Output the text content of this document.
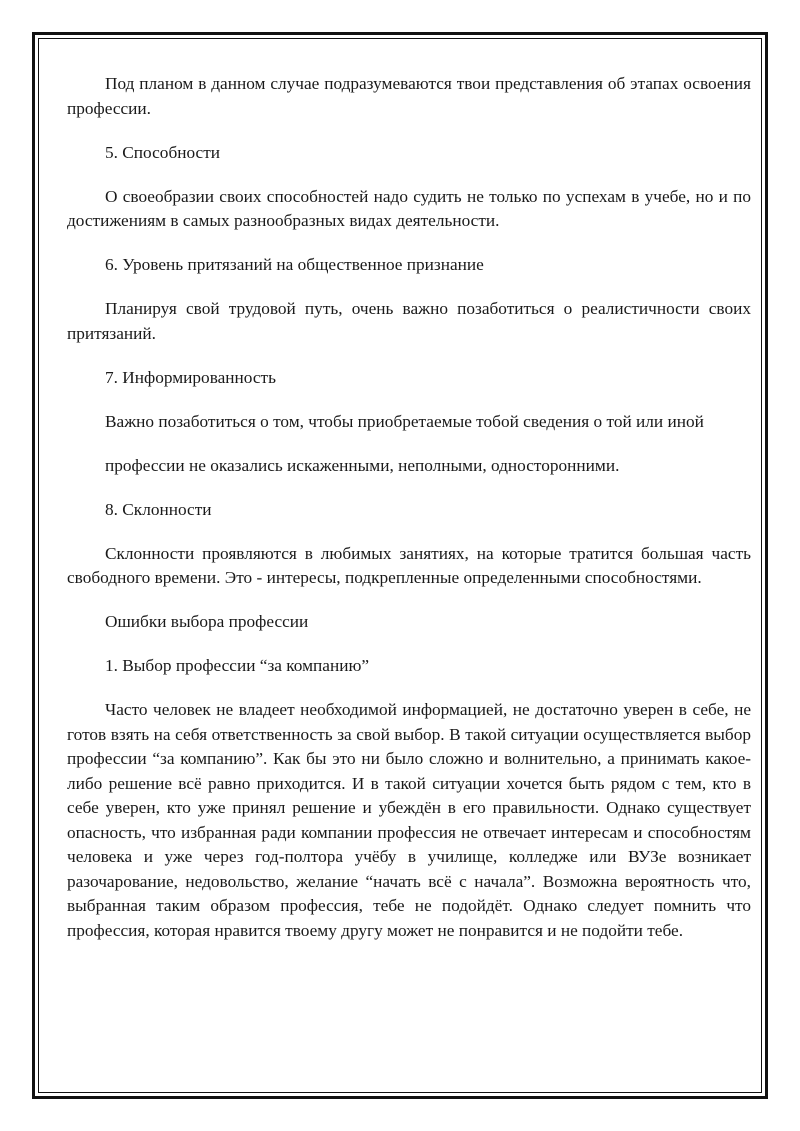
Под планом в данном случае подразумеваются твои представления об этапах освоения профессии.

5. Способности

О своеобразии своих способностей надо судить не только по успехам в учебе, но и по достижениям в самых разнообразных видах деятельности.

6. Уровень притязаний на общественное признание

Планируя свой трудовой путь, очень важно позаботиться о реалистичности своих притязаний.

7. Информированность

Важно позаботиться о том, чтобы приобретаемые тобой сведения о той или иной

профессии не оказались искаженными, неполными, односторонними.

8. Склонности

Склонности проявляются в любимых занятиях, на которые тратится большая часть свободного времени. Это - интересы, подкрепленные определенными способностями.

Ошибки выбора профессии

1. Выбор профессии “за компанию”

Часто человек не владеет необходимой информацией, не достаточно уверен в себе, не готов взять на себя ответственность за свой выбор. В такой ситуации осуществляется выбор профессии “за компанию”. Как бы это ни было сложно и волнительно, а принимать какое-либо решение всё равно приходится. И в такой ситуации хочется быть рядом с тем, кто в себе уверен, кто уже принял решение и убеждён в его правильности. Однако существует опасность, что избранная ради компании профессия не отвечает интересам и способностям человека и уже через год-полтора учёбу в училище, колледже или ВУЗе возникает разочарование, недовольство, желание “начать всё с начала”. Возможна вероятность что, выбранная таким образом профессия, тебе не подойдёт. Однако следует помнить что профессия, которая нравится твоему другу может не понравится и не подойти тебе.
